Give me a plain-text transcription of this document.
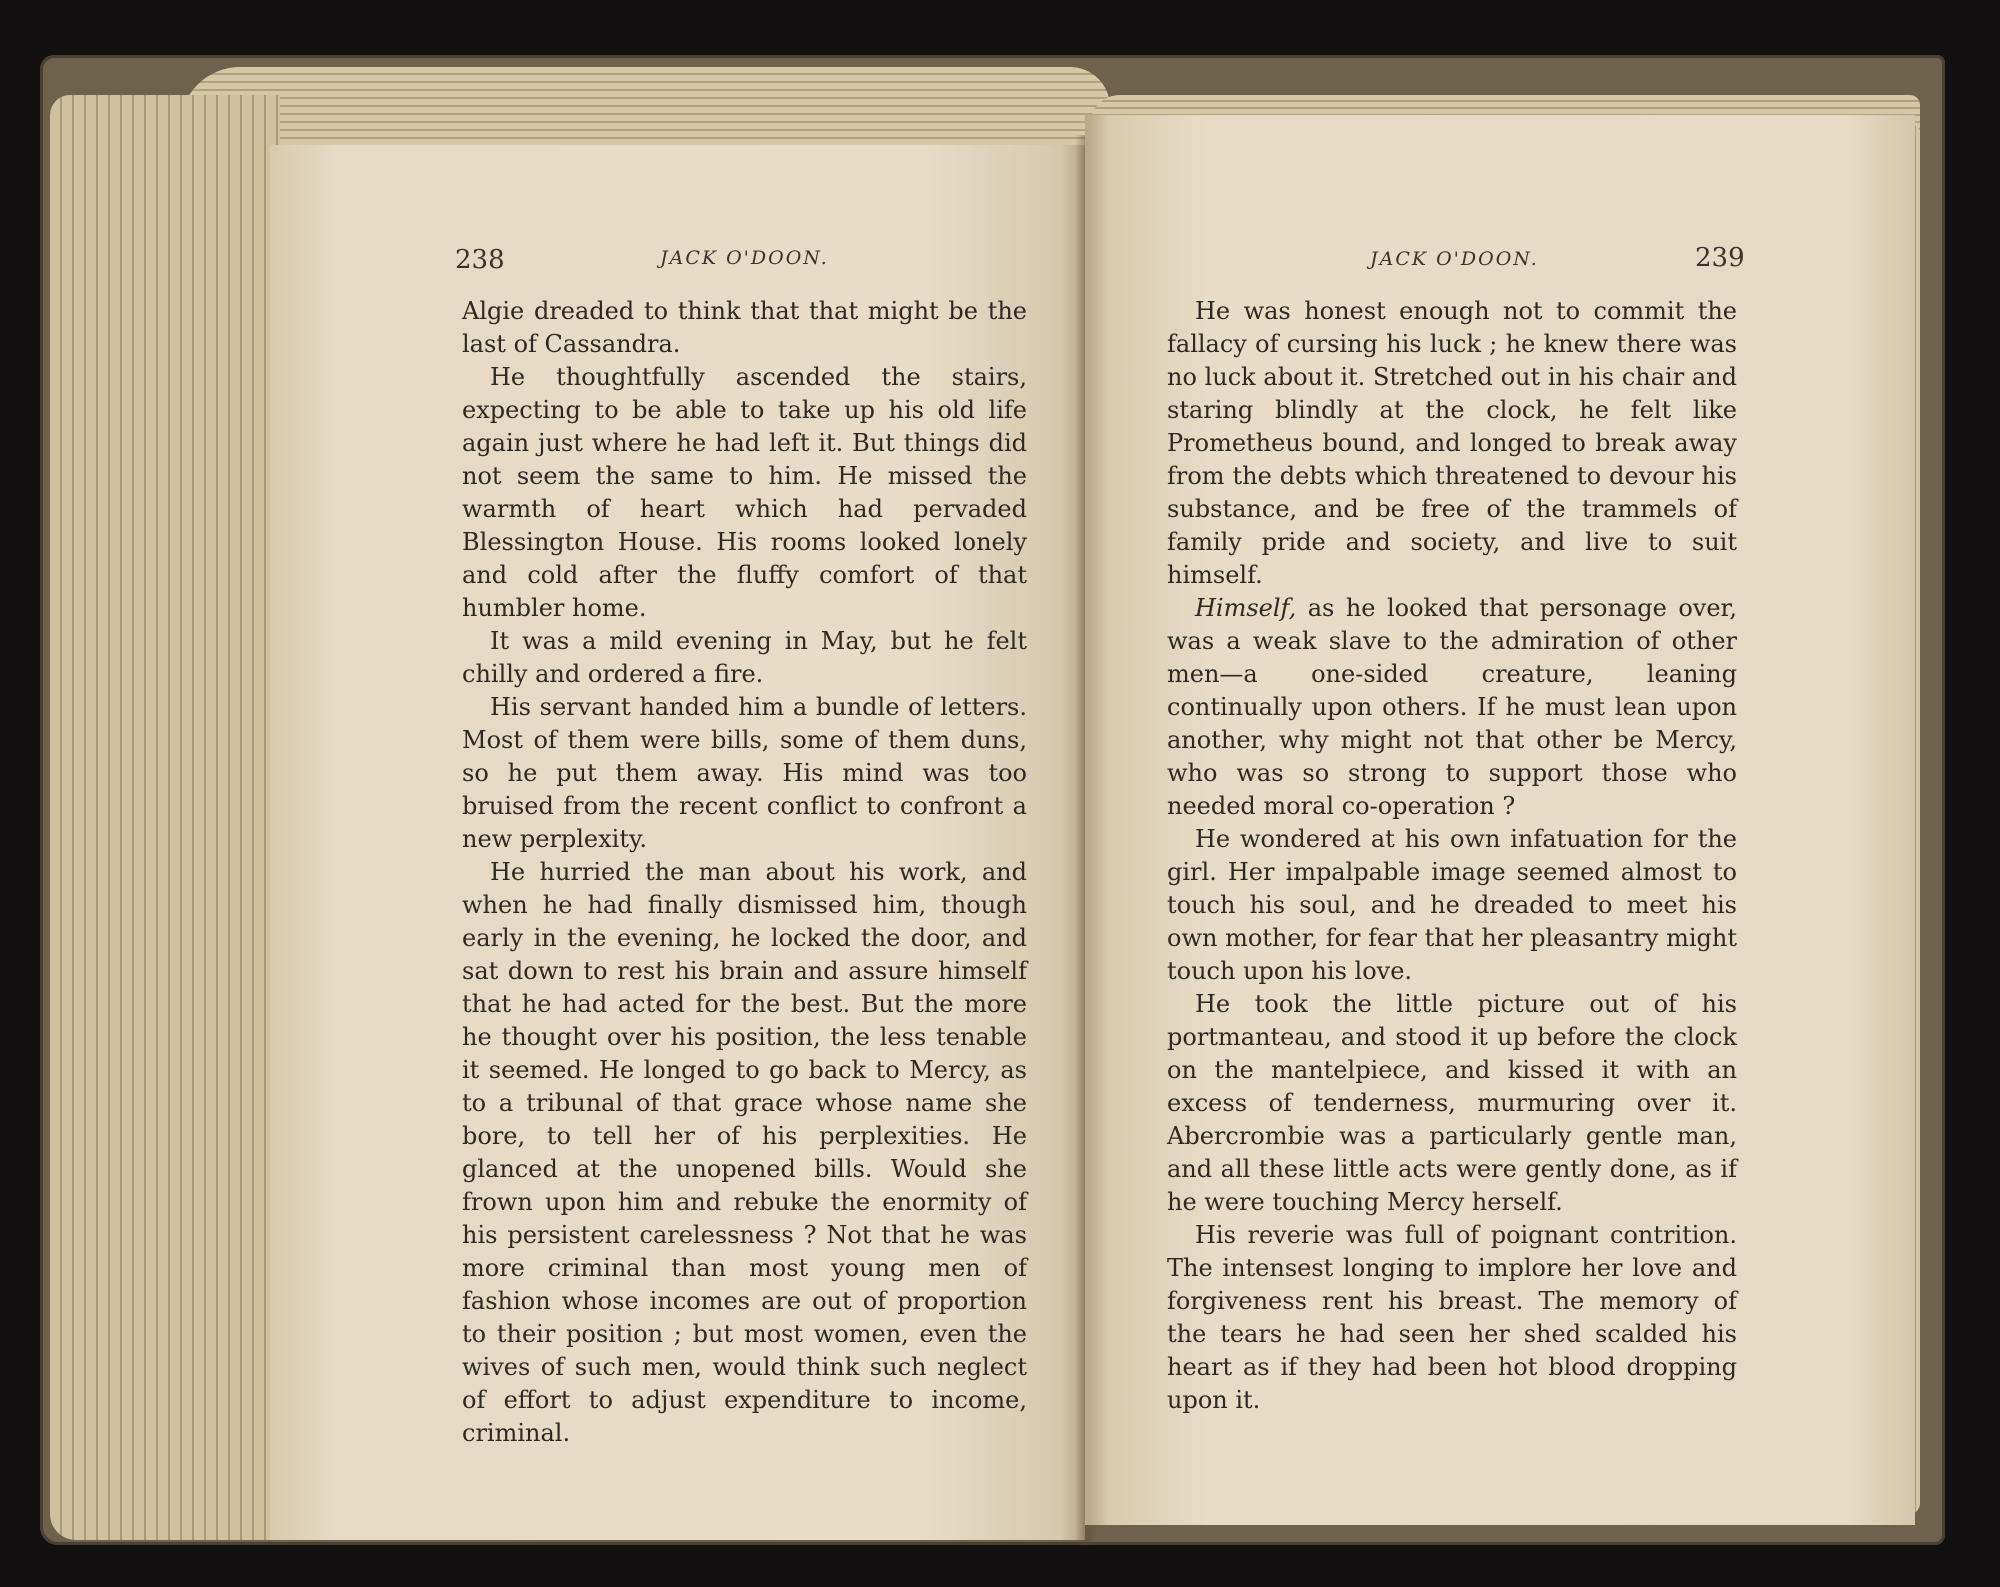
238	JACK O'DOON.

Algie dreaded to think that that might be the last of Cassandra.

He thoughtfully ascended the stairs, expecting to be able to take up his old life again just where he had left it. But things did not seem the same to him. He missed the warmth of heart which had pervaded Blessington House. His rooms looked lonely and cold after the fluffy comfort of that humbler home.

It was a mild evening in May, but he felt chilly and ordered a fire.

His servant handed him a bundle of letters. Most of them were bills, some of them duns, so he put them away. His mind was too bruised from the recent conflict to confront a new perplexity.

He hurried the man about his work, and when he had finally dismissed him, though early in the evening, he locked the door, and sat down to rest his brain and assure himself that he had acted for the best. But the more he thought over his position, the less tenable it seemed. He longed to go back to Mercy, as to a tribunal of that grace whose name she bore, to tell her of his perplexities. He glanced at the unopened bills. Would she frown upon him and rebuke the enormity of his persistent carelessness ? Not that he was more criminal than most young men of fashion whose incomes are out of proportion to their position ; but most women, even the wives of such men, would think such neglect of effort to adjust expenditure to income, criminal.

JACK O'DOON.	239

He was honest enough not to commit the fallacy of cursing his luck ; he knew there was no luck about it. Stretched out in his chair and staring blindly at the clock, he felt like Prometheus bound, and longed to break away from the debts which threatened to devour his substance, and be free of the trammels of family pride and society, and live to suit himself.

Himself, as he looked that personage over, was a weak slave to the admiration of other men—a one-sided creature, leaning continually upon others. If he must lean upon another, why might not that other be Mercy, who was so strong to support those who needed moral co-operation ?

He wondered at his own infatuation for the girl. Her impalpable image seemed almost to touch his soul, and he dreaded to meet his own mother, for fear that her pleasantry might touch upon his love.

He took the little picture out of his portmanteau, and stood it up before the clock on the mantelpiece, and kissed it with an excess of tenderness, murmuring over it. Abercrombie was a particularly gentle man, and all these little acts were gently done, as if he were touching Mercy herself.

His reverie was full of poignant contrition. The intensest longing to implore her love and forgiveness rent his breast. The memory of the tears he had seen her shed scalded his heart as if they had been hot blood dropping upon it.
